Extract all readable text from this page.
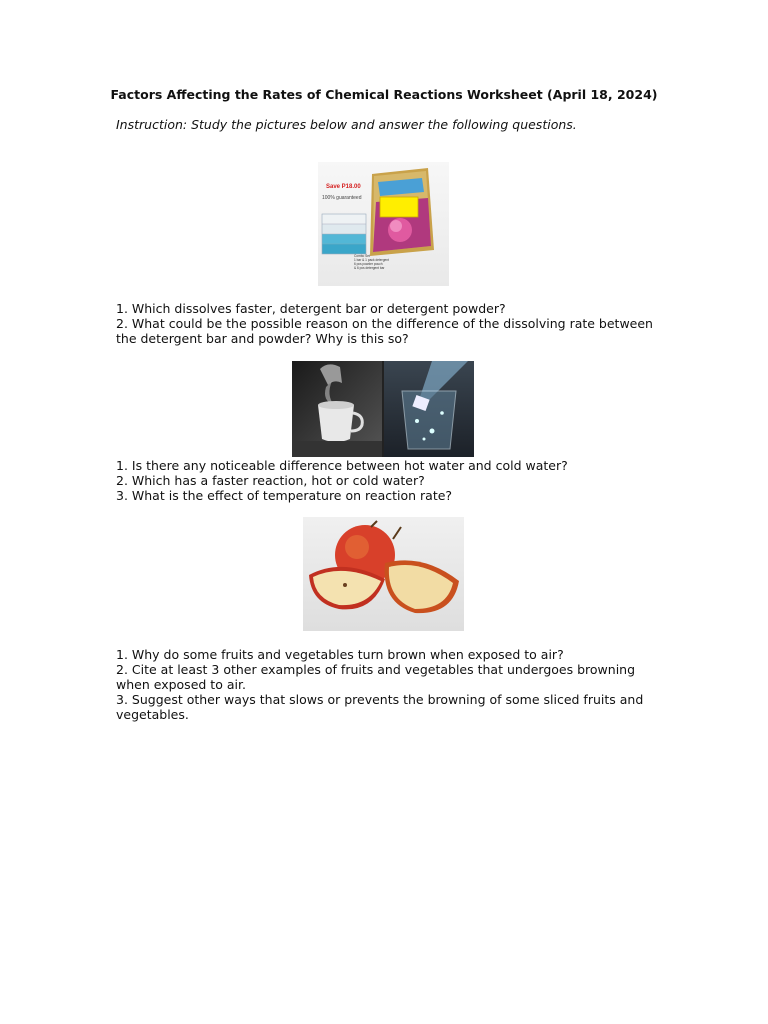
Factors Affecting the Rates of Chemical Reactions Worksheet (April 18, 2024)
Instruction: Study the pictures below and answer the following questions.
Save P18.00
100% guaranteed
Combo Set
1 bar & 1 pack detergent
6 pcs powder pouch
& 6 pcs detergent bar
1. Which dissolves faster, detergent bar or detergent powder?
2. What could be the possible reason on the difference of the dissolving rate between the detergent bar and powder? Why is this so?
1. Is there any noticeable difference between hot water and cold water?
2. Which has a faster reaction, hot or cold water?
3. What is the effect of temperature on reaction rate?
1. Why do some fruits and vegetables turn brown when exposed to air?
2. Cite at least 3 other examples of fruits and vegetables that undergoes browning when exposed to air.
3. Suggest other ways that slows or prevents the browning of some sliced fruits and vegetables.
